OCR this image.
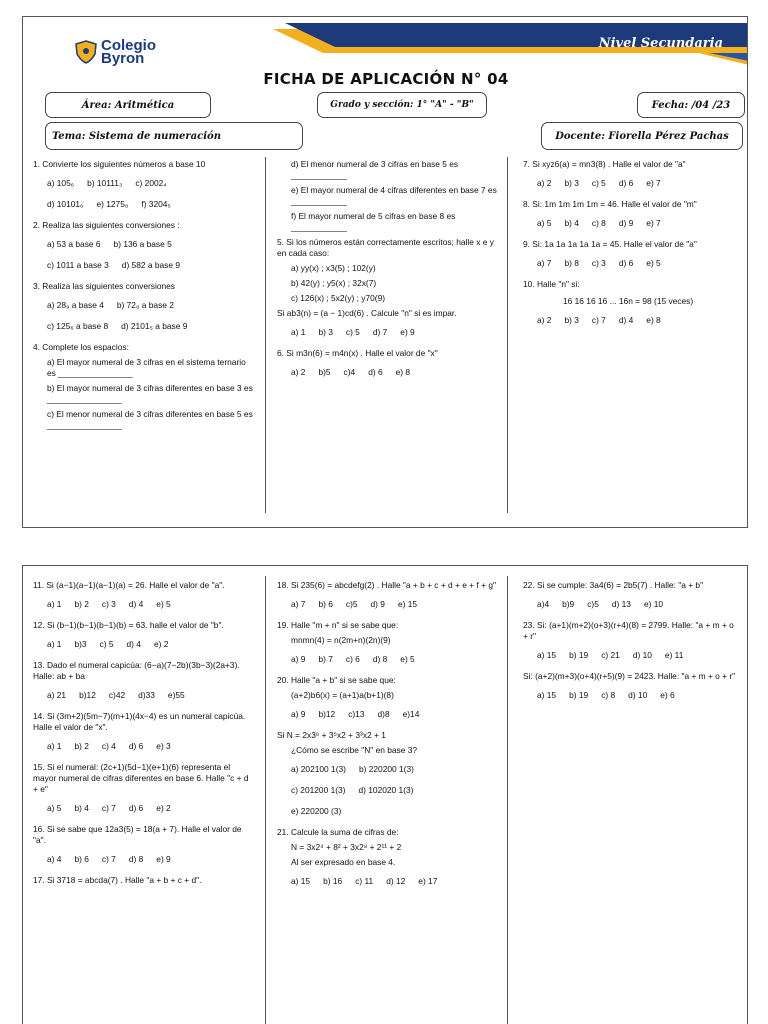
Colegio
Byron
Nivel Secundaria
FICHA DE APLICACIÓN N° 04
Área: Aritmética	Grado y sección: 1° "A" - "B"	Fecha: /04 /23
Tema: Sistema de numeración	Docente: Fiorella Pérez Pachas
1. Convierte los siguientes números a base 10
a) 105₆ b) 10111₃ c) 2002₄
d) 10101₆ e) 1275₈ f) 3204₅
2. Realiza las siguientes conversiones :
a) 53 a base 6 b) 136 a base 5
c) 1011 a base 3 d) 582 a base 9
3. Realiza las siguientes conversiones
a) 28₉ a base 4 b) 72₈ a base 2
c) 125₆ a base 8 d) 2101₅ a base 9
4. Complete los espacios:
a) El mayor numeral de 3 cifras en el sistema ternario es ________________
b) El mayor numeral de 3 cifras diferentes en base 3 es ________________
c) El menor numeral de 3 cifras diferentes en base 5 es ________________
d) El menor numeral de 3 cifras en base 5 es ____________
e) El mayor numeral de 4 cifras diferentes en base 7 es ____________
f) El mayor numeral de 5 cifras en base 8 es ____________
5. Si los números están correctamente escritos; halle x e y en cada caso:
a) yy(x) ; x3(5) ; 102(y)
b) 42(y) ; y5(x) ; 32x(7)
c) 126(x) ; 5x2(y) ; y70(9)
Si ab3(n) = (a − 1)cd(6) . Calcule "n" si es impar.
a) 1 b) 3 c) 5 d) 7 e) 9
6. Si m3n(6) = m4n(x) . Halle el valor de "x"
a) 2 b)5 c)4 d) 6 e) 8
7. Si xyz6(a) = mn3(8) . Halle el valor de "a"
a) 2 b) 3 c) 5 d) 6 e) 7
8. Si: 1m 1m 1m 1m = 46. Halle el valor de "m"
a) 5 b) 4 c) 8 d) 9 e) 7
9. Si: 1a 1a 1a 1a 1a = 45. Halle el valor de "a"
a) 7 b) 8 c) 3 d) 6 e) 5
10. Halle "n" si:
16 16 16 16 ... 16n = 98 (15 veces)
a) 2 b) 3 c) 7 d) 4 e) 8
11. Si (a−1)(a−1)(a−1)(a) = 26. Halle el valor de "a".
a) 1 b) 2 c) 3 d) 4 e) 5
12. Si (b−1)(b−1)(b−1)(b) = 63. halle el valor de "b".
a) 1 b)3 c) 5 d) 4 e) 2
13. Dado el numeral capicúa: (6−a)(7−2b)(3b−3)(2a+3). Halle: ab + ba
a) 21 b)12 c)42 d)33 e)55
14. Si (3m+2)(5m−7)(m+1)(4x−4) es un numeral capicúa. Halle el valor de "x".
a) 1 b) 2 c) 4 d) 6 e) 3
15. Si el numeral: (2c+1)(5d−1)(e+1)(6) representa el mayor numeral de cifras diferentes en base 6. Halle "c + d + e"
a) 5 b) 4 c) 7 d) 6 e) 2
16. Si se sabe que 12a3(5) = 18(a + 7). Halle el valor de "a".
a) 4 b) 6 c) 7 d) 8 e) 9
17. Si 3718 = abcda(7) . Halle "a + b + c + d".
18. Si 235(6) = abcdefg(2) . Halle "a + b + c + d + e + f + g"
a) 7 b) 6 c)5 d) 9 e) 15
19. Halle "m + n" si se sabe que:
mnmn(4) = n(2m+n)(2n)(9)
a) 9 b) 7 c) 6 d) 8 e) 5
20. Halle "a + b" si se sabe que:
(a+2)b6(x) = (a+1)a(b+1)(8)
a) 9 b)12 c)13 d)8 e)14
Si N = 2x3⁶ + 3⁵x2 + 3³x2 + 1
¿Cómo se escribe "N" en base 3?
a) 202100 1(3) b) 220200 1(3)
c) 201200 1(3) d) 102020 1(3)
e) 220200 (3)
21. Calcule la suma de cifras de:
N = 3x2⁴ + 8² + 3x2⁸ + 2¹¹ + 2
Al ser expresado en base 4.
a) 15 b) 16 c) 11 d) 12 e) 17
22. Si se cumple: 3a4(6) = 2b5(7) . Halle: "a + b"
a)4 b)9 c)5 d) 13 e) 10
23. Si: (a+1)(m+2)(o+3)(r+4)(8) = 2799. Halle: "a + m + o + r"
a) 15 b) 19 c) 21 d) 10 e) 11
Si: (a+2)(m+3)(o+4)(r+5)(9) = 2423. Halle: "a + m + o + r"
a) 15 b) 19 c) 8 d) 10 e) 6
